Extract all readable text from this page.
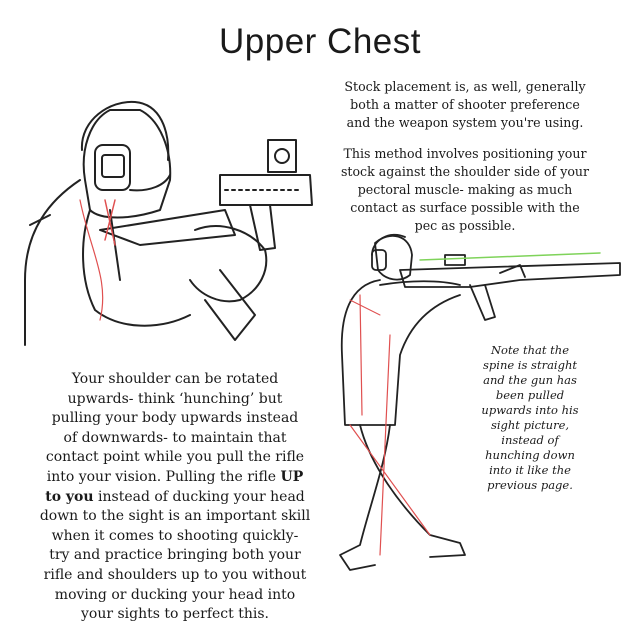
Upper Chest
Stock placement is, as well, generally
both a matter of shooter preference
and the weapon system you're using.
This method involves positioning your
stock against the shoulder side of your
pectoral muscle- making as much
contact as surface possible with the
pec as possible.
Your shoulder can be rotated
upwards- think ‘hunching’ but
pulling your body upwards instead
of downwards- to maintain that
contact point while you pull the rifle
into your vision. Pulling the rifle UP
to you instead of ducking your head
down to the sight is an important skill
when it comes to shooting quickly-
try and practice bringing both your
rifle and shoulders up to you without
moving or ducking your head into
your sights to perfect this.
Note that the
spine is straight
and the gun has
been pulled
upwards into his
sight picture,
instead of
hunching down
into it like the
previous page.
